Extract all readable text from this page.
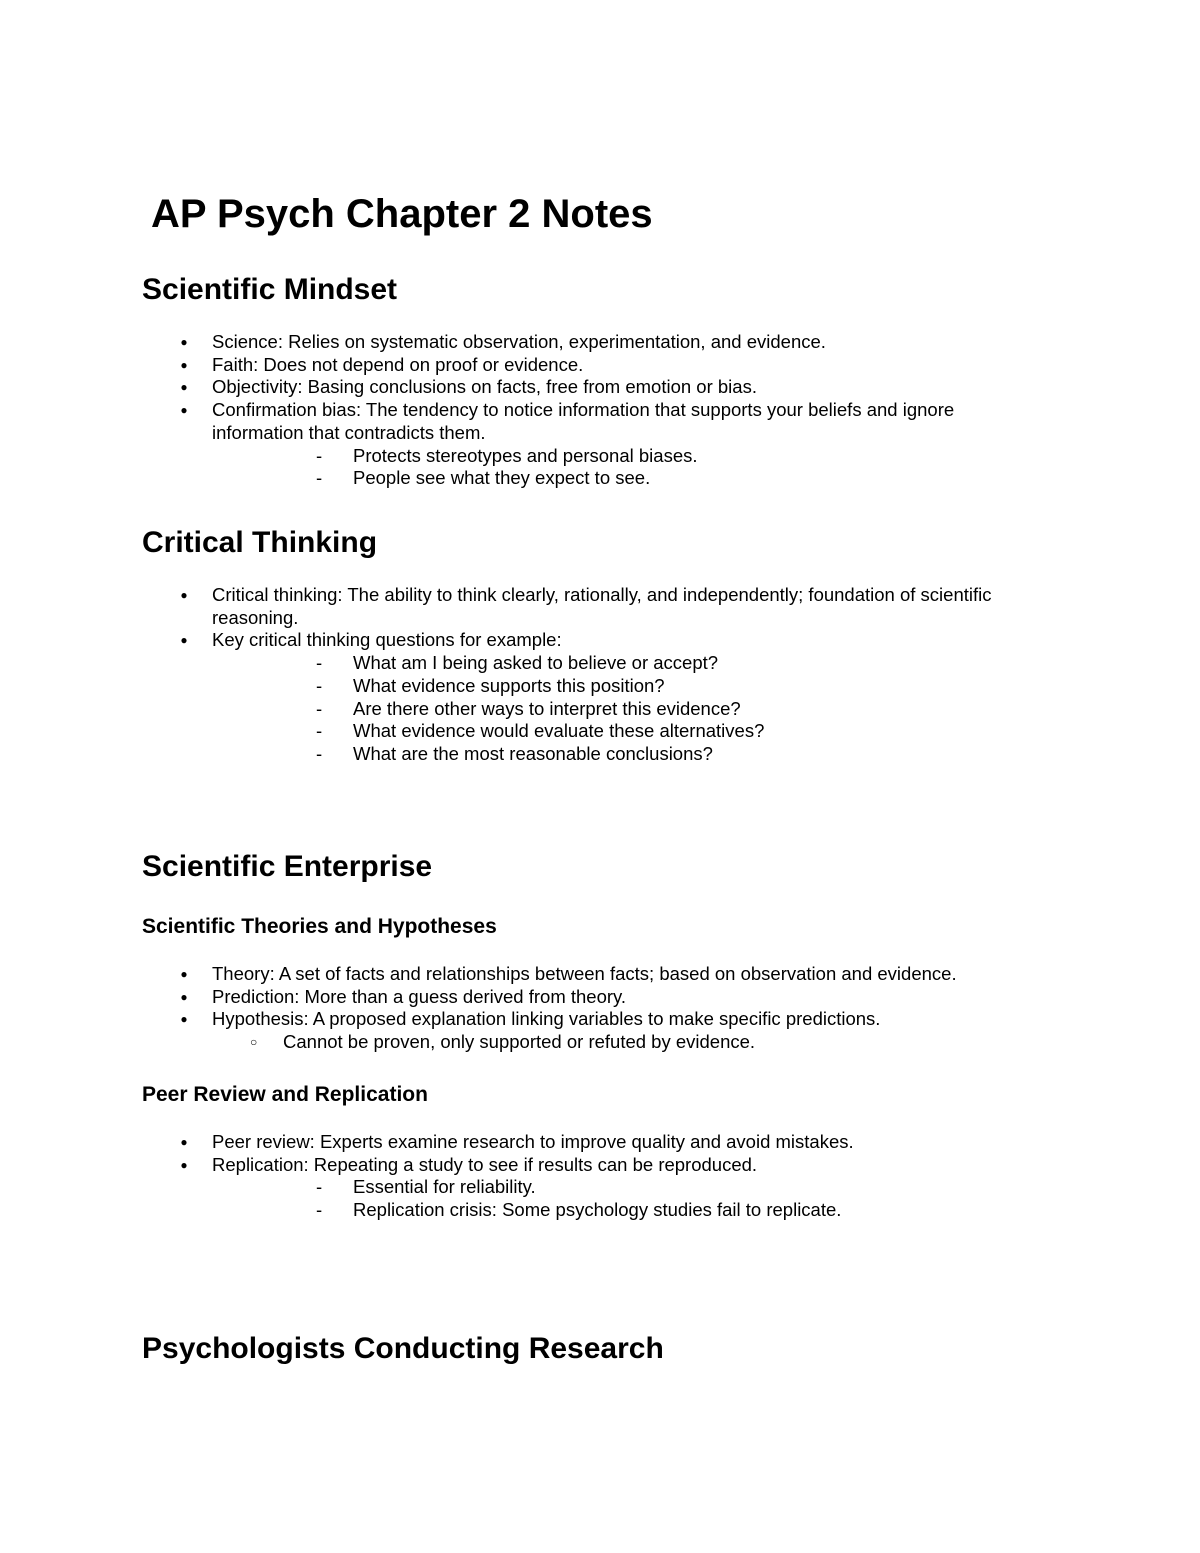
AP Psych Chapter 2 Notes
Scientific Mindset
● Science: Relies on systematic observation, experimentation, and evidence.
● Faith: Does not depend on proof or evidence.
● Objectivity: Basing conclusions on facts, free from emotion or bias.
● Confirmation bias: The tendency to notice information that supports your beliefs and ignore information that contradicts them.
- Protects stereotypes and personal biases.
- People see what they expect to see.
Critical Thinking
● Critical thinking: The ability to think clearly, rationally, and independently; foundation of scientific reasoning.
● Key critical thinking questions for example:
- What am I being asked to believe or accept?
- What evidence supports this position?
- Are there other ways to interpret this evidence?
- What evidence would evaluate these alternatives?
- What are the most reasonable conclusions?
Scientific Enterprise
Scientific Theories and Hypotheses
● Theory: A set of facts and relationships between facts; based on observation and evidence.
● Prediction: More than a guess derived from theory.
● Hypothesis: A proposed explanation linking variables to make specific predictions.
○ Cannot be proven, only supported or refuted by evidence.
Peer Review and Replication
● Peer review: Experts examine research to improve quality and avoid mistakes.
● Replication: Repeating a study to see if results can be reproduced.
- Essential for reliability.
- Replication crisis: Some psychology studies fail to replicate.
Psychologists Conducting Research
